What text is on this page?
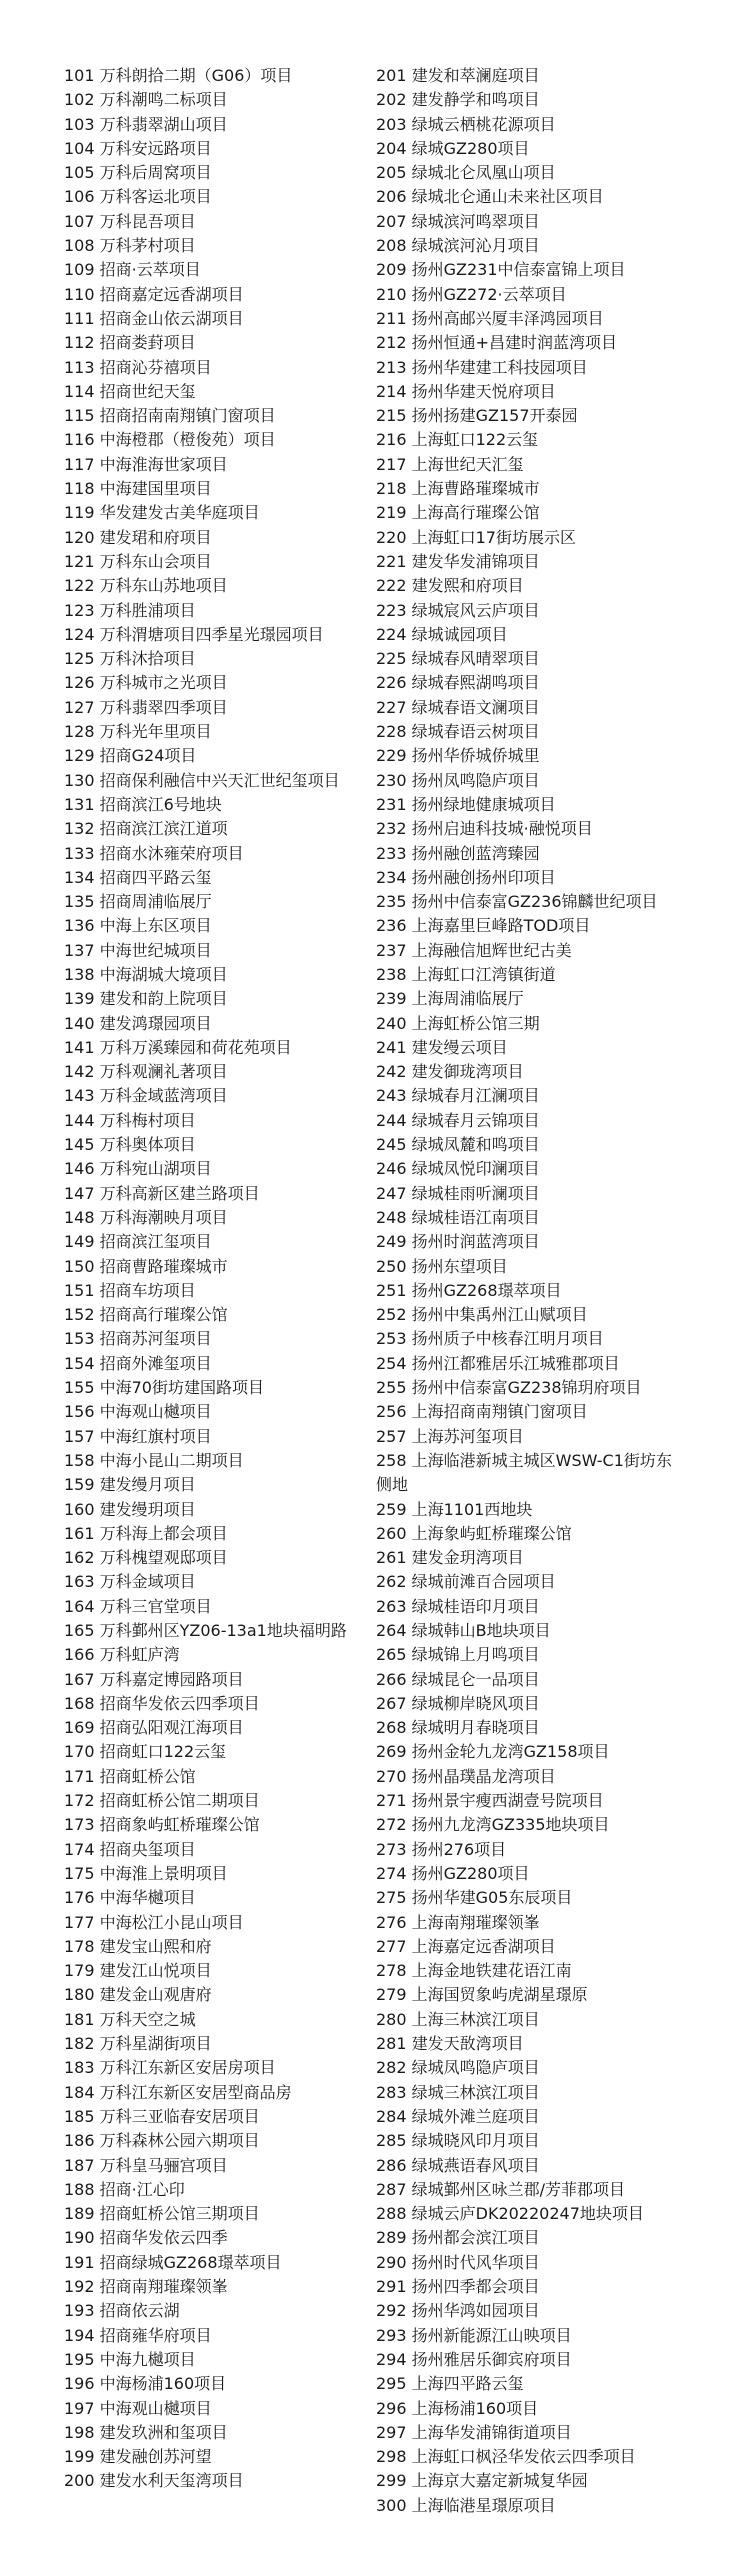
101 万科朗拾二期（G06）项目
102 万科潮鸣二标项目
103 万科翡翠湖山项目
104 万科安远路项目
105 万科后周窝项目
106 万科客运北项目
107 万科昆吾项目
108 万科茅村项目
109 招商·云萃项目
110 招商嘉定远香湖项目
111 招商金山依云湖项目
112 招商娄葑项目
113 招商沁芬禧项目
114 招商世纪天玺
115 招商招南南翔镇门窗项目
116 中海橙郡（橙俊苑）项目
117 中海淮海世家项目
118 中海建国里项目
119 华发建发古美华庭项目
120 建发珺和府项目
121 万科东山会项目
122 万科东山苏地项目
123 万科胜浦项目
124 万科渭塘项目四季星光璟园项目
125 万科沐拾项目
126 万科城市之光项目
127 万科翡翠四季项目
128 万科光年里项目
129 招商G24项目
130 招商保利融信中兴天汇世纪玺项目
131 招商滨江6号地块
132 招商滨江滨江道项
133 招商水沐雍荣府项目
134 招商四平路云玺
135 招商周浦临展厅
136 中海上东区项目
137 中海世纪城项目
138 中海湖城大境项目
139 建发和韵上院项目
140 建发鸿璟园项目
141 万科万溪臻园和荷花苑项目
142 万科观澜礼著项目
143 万科金域蓝湾项目
144 万科梅村项目
145 万科奥体项目
146 万科宛山湖项目
147 万科高新区建兰路项目
148 万科海潮映月项目
149 招商滨江玺项目
150 招商曹路璀璨城市
151 招商车坊项目
152 招商高行璀璨公馆
153 招商苏河玺项目
154 招商外滩玺项目
155 中海70街坊建国路项目
156 中海观山樾项目
157 中海红旗村项目
158 中海小昆山二期项目
159 建发缦月项目
160 建发缦玥项目
161 万科海上都会项目
162 万科槐望观邸项目
163 万科金域项目
164 万科三官堂项目
165 万科鄞州区YZ06-13a1地块福明路
166 万科虹庐湾
167 万科嘉定博园路项目
168 招商华发依云四季项目
169 招商弘阳观江海项目
170 招商虹口122云玺
171 招商虹桥公馆
172 招商虹桥公馆二期项目
173 招商象屿虹桥璀璨公馆
174 招商央玺项目
175 中海淮上景明项目
176 中海华樾项目
177 中海松江小昆山项目
178 建发宝山熙和府
179 建发江山悦项目
180 建发金山观唐府
181 万科天空之城
182 万科星湖街项目
183 万科江东新区安居房项目
184 万科江东新区安居型商品房
185 万科三亚临春安居项目
186 万科森林公园六期项目
187 万科皇马骊宫项目
188 招商·江心印
189 招商虹桥公馆三期项目
190 招商华发依云四季
191 招商绿城GZ268璟萃项目
192 招商南翔璀璨领峯
193 招商依云湖
194 招商雍华府项目
195 中海九樾项目
196 中海杨浦160项目
197 中海观山樾项目
198 建发玖洲和玺项目
199 建发融创苏河望
200 建发水利天玺湾项目
201 建发和萃澜庭项目
202 建发静学和鸣项目
203 绿城云栖桃花源项目
204 绿城GZ280项目
205 绿城北仑凤凰山项目
206 绿城北仑通山未来社区项目
207 绿城滨河鸣翠项目
208 绿城滨河沁月项目
209 扬州GZ231中信泰富锦上项目
210 扬州GZ272·云萃项目
211 扬州高邮兴厦丰泽鸿园项目
212 扬州恒通+昌建时润蓝湾项目
213 扬州华建建工科技园项目
214 扬州华建天悦府项目
215 扬州扬建GZ157开泰园
216 上海虹口122云玺
217 上海世纪天汇玺
218 上海曹路璀璨城市
219 上海高行璀璨公馆
220 上海虹口17街坊展示区
221 建发华发浦锦项目
222 建发熙和府项目
223 绿城宸风云庐项目
224 绿城诚园项目
225 绿城春风晴翠项目
226 绿城春熙湖鸣项目
227 绿城春语文澜项目
228 绿城春语云树项目
229 扬州华侨城侨城里
230 扬州凤鸣隐庐项目
231 扬州绿地健康城项目
232 扬州启迪科技城·融悦项目
233 扬州融创蓝湾臻园
234 扬州融创扬州印项目
235 扬州中信泰富GZ236锦麟世纪项目
236 上海嘉里巨峰路TOD项目
237 上海融信旭辉世纪古美
238 上海虹口江湾镇街道
239 上海周浦临展厅
240 上海虹桥公馆三期
241 建发缦云项目
242 建发御珑湾项目
243 绿城春月江澜项目
244 绿城春月云锦项目
245 绿城凤麓和鸣项目
246 绿城凤悦印澜项目
247 绿城桂雨听澜项目
248 绿城桂语江南项目
249 扬州时润蓝湾项目
250 扬州东望项目
251 扬州GZ268璟萃项目
252 扬州中集禹州江山赋项目
253 扬州质子中核春江明月项目
254 扬州江都雅居乐江城雅郡项目
255 扬州中信泰富GZ238锦玥府项目
256 上海招商南翔镇门窗项目
257 上海苏河玺项目
258 上海临港新城主城区WSW-C1街坊东侧地
259 上海1101西地块
260 上海象屿虹桥璀璨公馆
261 建发金玥湾项目
262 绿城前滩百合园项目
263 绿城桂语印月项目
264 绿城韩山B地块项目
265 绿城锦上月鸣项目
266 绿城昆仑一品项目
267 绿城柳岸晓风项目
268 绿城明月春晓项目
269 扬州金轮九龙湾GZ158项目
270 扬州晶璞晶龙湾项目
271 扬州景宇瘦西湖壹号院项目
272 扬州九龙湾GZ335地块项目
273 扬州276项目
274 扬州GZ280项目
275 扬州华建G05东辰项目
276 上海南翔璀璨领峯
277 上海嘉定远香湖项目
278 上海金地铁建花语江南
279 上海国贸象屿虎湖星璟原
280 上海三林滨江项目
281 建发天敔湾项目
282 绿城凤鸣隐庐项目
283 绿城三林滨江项目
284 绿城外滩兰庭项目
285 绿城晓风印月项目
286 绿城燕语春风项目
287 绿城鄞州区咏兰郡/芳菲郡项目
288 绿城云庐DK20220247地块项目
289 扬州都会滨江项目
290 扬州时代风华项目
291 扬州四季都会项目
292 扬州华鸿如园项目
293 扬州新能源江山映项目
294 扬州雅居乐御宾府项目
295 上海四平路云玺
296 上海杨浦160项目
297 上海华发浦锦街道项目
298 上海虹口枫泾华发依云四季项目
299 上海京大嘉定新城复华园
300 上海临港星璟原项目
